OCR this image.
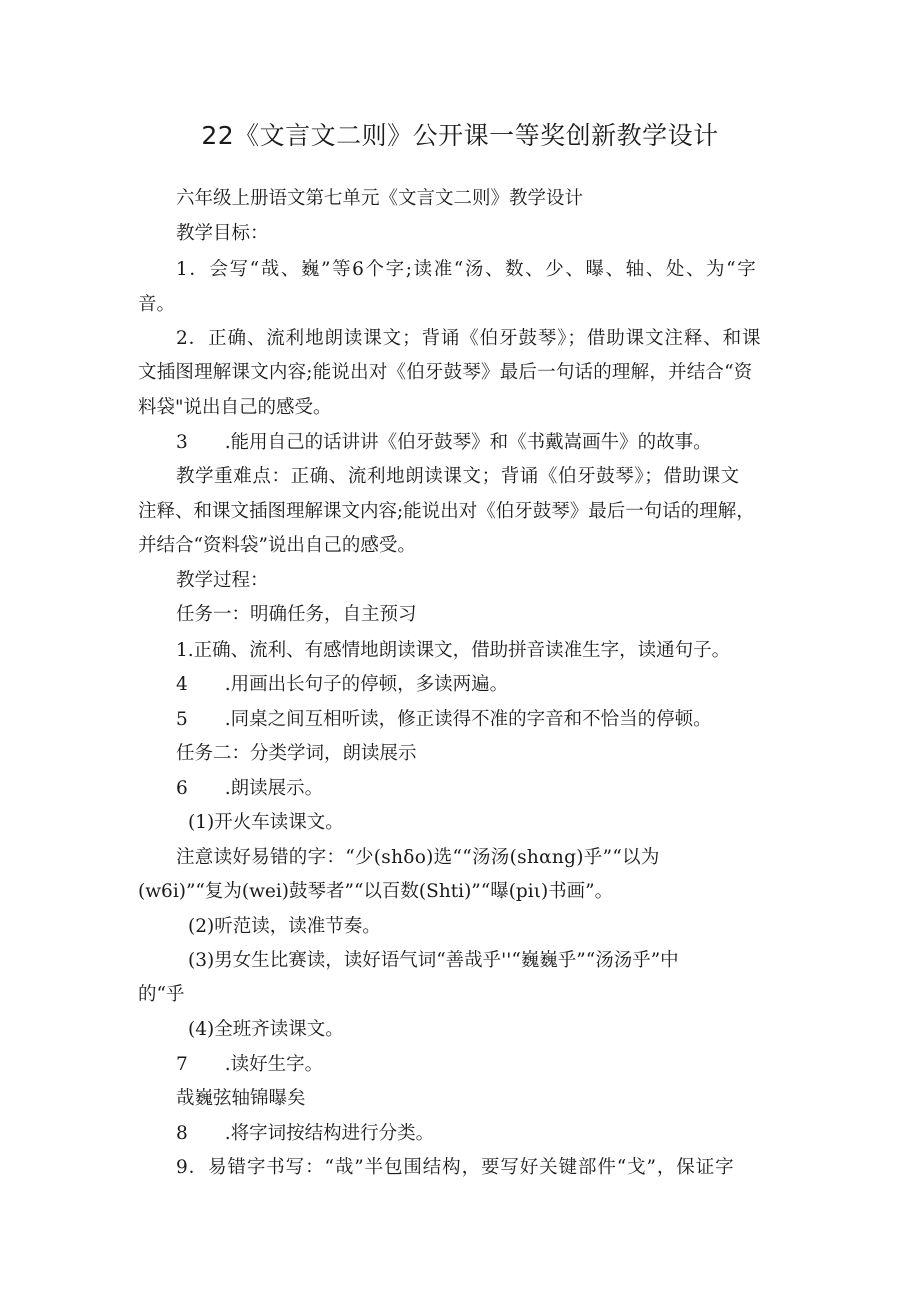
22《文言文二则》公开课一等奖创新教学设计
六年级上册语文第七单元《文言文二则》教学设计
教学目标：
1．会写“哉、巍”等6个字;读准“汤、数、少、曝、轴、处、为“字
音。
2．正确、流利地朗读课文；背诵《伯牙鼓琴》；借助课文注释、和课
文插图理解课文内容;能说出对《伯牙鼓琴》最后一句话的理解，并结合“资
料袋"说出自己的感受。
3　　.能用自己的话讲讲《伯牙鼓琴》和《书戴嵩画牛》的故事。
教学重难点：正确、流利地朗读课文；背诵《伯牙鼓琴》；借助课文
注释、和课文插图理解课文内容;能说出对《伯牙鼓琴》最后一句话的理解，
并结合“资料袋”说出自己的感受。
教学过程：
任务一：明确任务，自主预习
1.正确、流利、有感情地朗读课文，借助拼音读准生字，读通句子。
4　　.用画出长句子的停顿，多读两遍。
5　　.同桌之间互相听读，修正读得不准的字音和不恰当的停顿。
任务二：分类学词，朗读展示
6　　.朗读展示。
(1)开火车读课文。
注意读好易错的字：“少(shδo)选““汤汤(shαng)乎”“以为
(w6i)”“复为(wei)鼓琴者”“以百数(Shti)”“曝(piι)书画”。
(2)听范读，读准节奏。
(3)男女生比赛读，读好语气词“善哉乎''“巍巍乎”“汤汤乎”中
的“乎
(4)全班齐读课文。
7　　.读好生字。
哉巍弦轴锦曝矣
8　　.将字词按结构进行分类。
9．易错字书写：“哉”半包围结构，要写好关键部件“戈”，保证字
